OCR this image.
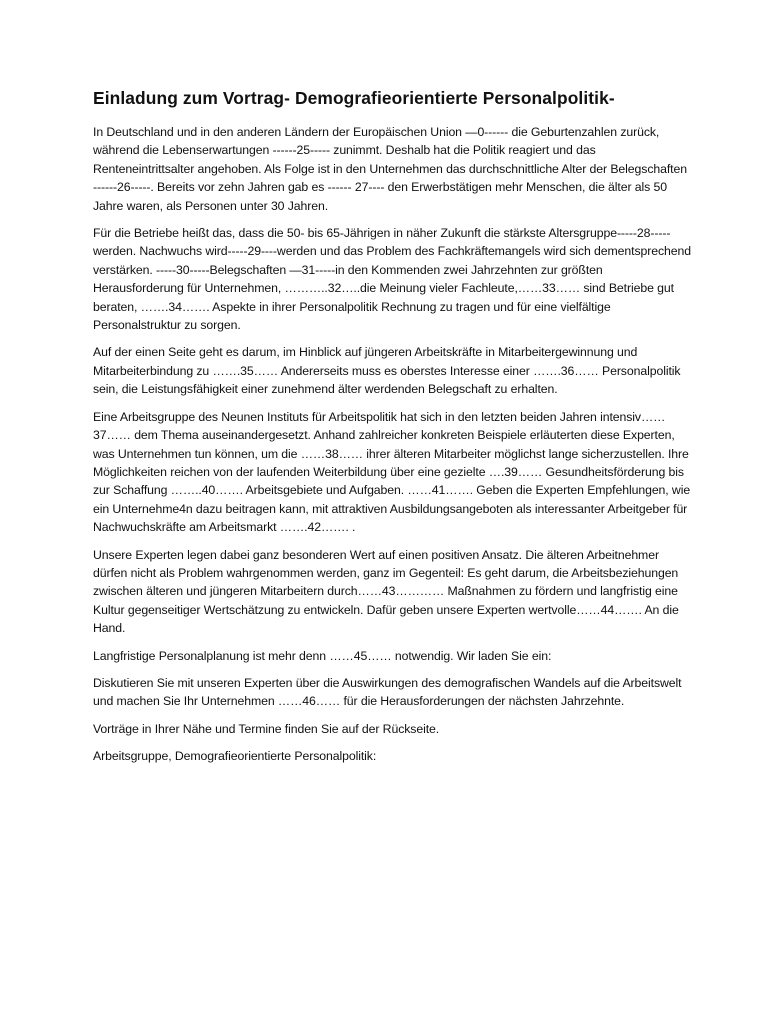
Einladung zum Vortrag- Demografieorientierte Personalpolitik-

In Deutschland und in den anderen Ländern der Europäischen Union —0------ die Geburtenzahlen zurück, während die Lebenserwartungen ------25----- zunimmt. Deshalb hat die Politik reagiert und das Renteneintrittsalter angehoben. Als Folge ist in den Unternehmen das durchschnittliche Alter der Belegschaften ------26-----. Bereits vor zehn Jahren gab es ------ 27---- den Erwerbstätigen mehr Menschen, die älter als 50 Jahre waren, als Personen unter 30 Jahren.

Für die Betriebe heißt das, dass die 50- bis 65-Jährigen in näher Zukunft die stärkste Altersgruppe-----28----- werden. Nachwuchs wird-----29----werden und das Problem des Fachkräftemangels wird sich dementsprechend verstärken. -----30-----Belegschaften —31-----in den Kommenden zwei Jahrzehnten zur größten Herausforderung für Unternehmen, ………..32…..die Meinung vieler Fachleute,……33…… sind Betriebe gut beraten, …….34……. Aspekte in ihrer Personalpolitik Rechnung zu tragen und für eine vielfältige Personalstruktur zu sorgen.

Auf der einen Seite geht es darum, im Hinblick auf jüngeren Arbeitskräfte in Mitarbeitergewinnung und Mitarbeiterbindung zu …….35…… Andererseits muss es oberstes Interesse einer …….36…… Personalpolitik sein, die Leistungsfähigkeit einer zunehmend älter werdenden Belegschaft zu erhalten.

Eine Arbeitsgruppe des Neunen Instituts für Arbeitspolitik hat sich in den letzten beiden Jahren intensiv……37…… dem Thema auseinandergesetzt. Anhand zahlreicher konkreten Beispiele erläuterten diese Experten, was Unternehmen tun können, um die ……38…… ihrer älteren Mitarbeiter möglichst lange sicherzustellen. Ihre Möglichkeiten reichen von der laufenden Weiterbildung über eine gezielte ….39…… Gesundheitsförderung bis zur Schaffung ……..40……. Arbeitsgebiete und Aufgaben. ……41……. Geben die Experten Empfehlungen, wie ein Unternehme4n dazu beitragen kann, mit attraktiven Ausbildungsangeboten als interessanter Arbeitgeber für Nachwuchskräfte am Arbeitsmarkt …….42……. .

Unsere Experten legen dabei ganz besonderen Wert auf einen positiven Ansatz. Die älteren Arbeitnehmer dürfen nicht als Problem wahrgenommen werden, ganz im Gegenteil: Es geht darum, die Arbeitsbeziehungen zwischen älteren und jüngeren Mitarbeitern durch……43………… Maßnahmen zu fördern und langfristig eine Kultur gegenseitiger Wertschätzung zu entwickeln. Dafür geben unsere Experten wertvolle……44……. An die Hand.

Langfristige Personalplanung ist mehr denn ……45…… notwendig. Wir laden Sie ein:

Diskutieren Sie mit unseren Experten über die Auswirkungen des demografischen Wandels auf die Arbeitswelt und machen Sie Ihr Unternehmen ……46…… für die Herausforderungen der nächsten Jahrzehnte.

Vorträge in Ihrer Nähe und Termine finden Sie auf der Rückseite.

Arbeitsgruppe, Demografieorientierte Personalpolitik:
